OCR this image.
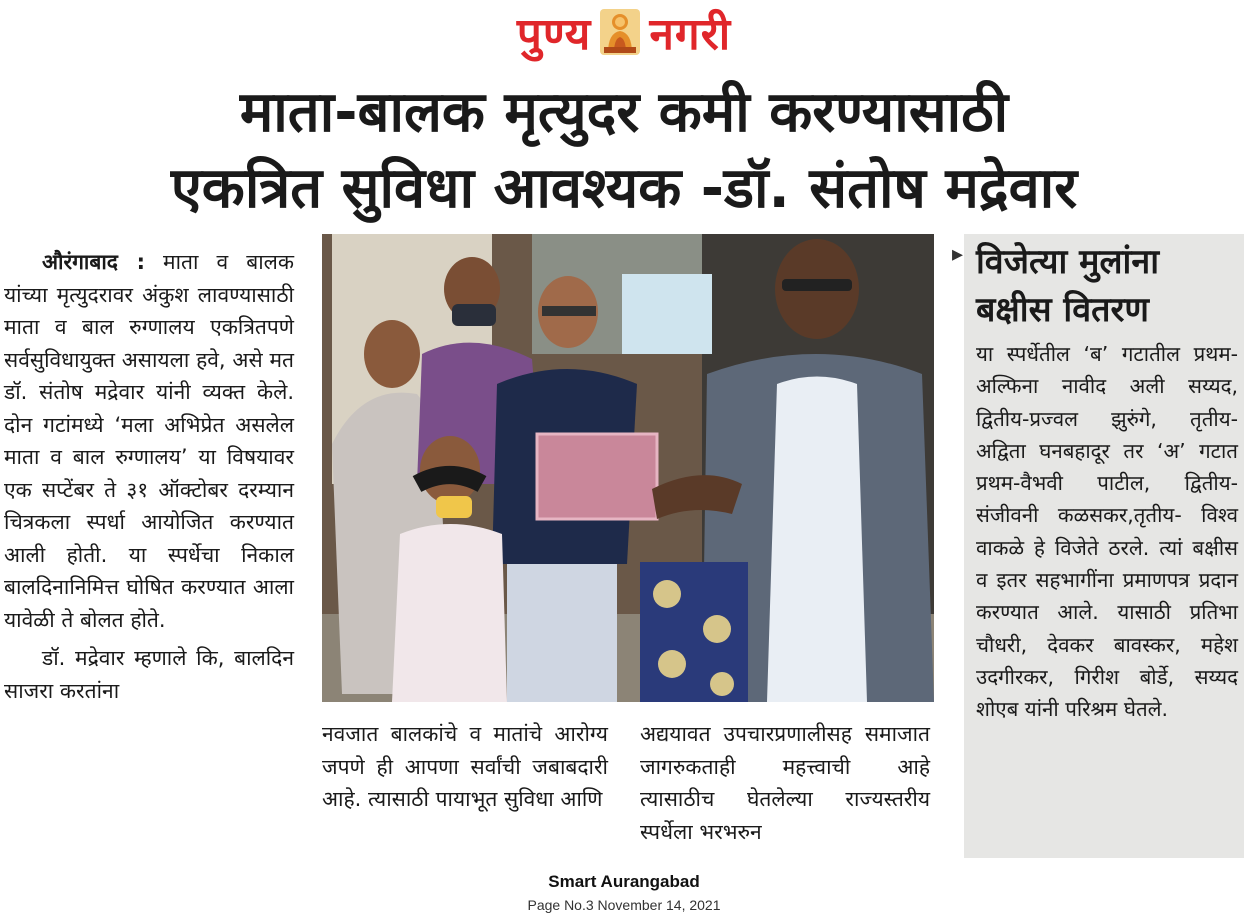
पुण्य नगरी
माता-बालक मृत्युदर कमी करण्यासाठी
एकत्रित सुविधा आवश्यक -डॉ. संतोष मद्रेवार

औरंगाबाद : माता व बालक यांच्या मृत्युदरावर अंकुश लावण्यासाठी माता व बाल रुग्णालय एकत्रितपणे सर्वसुविधायुक्त असायला हवे, असे मत डॉ. संतोष मद्रेवार यांनी व्यक्त केले. दोन गटांमध्ये ‘मला अभिप्रेत असलेल माता व बाल रुग्णालय’ या विषयावर एक सप्टेंबर ते ३१ ऑक्टोबर दरम्यान चित्रकला स्पर्धा आयोजित करण्यात आली होती. या स्पर्धेचा निकाल बालदिनानिमित्त घोषित करण्यात आला यावेळी ते बोलत होते.

डॉ. मद्रेवार म्हणाले कि, बालदिन साजरा करतांना

नवजात बालकांचे व मातांचे आरोग्य जपणे ही आपणा सर्वांची जबाबदारी आहे. त्यासाठी पायाभूत सुविधा आणि
अद्ययावत उपचारप्रणालीसह समाजात जागरुकताही महत्त्वाची आहे त्यासाठीच घेतलेल्या राज्यस्तरीय स्पर्धेला भरभरुन
▸ विजेत्या मुलांना बक्षीस वितरण
या स्पर्धेतील ‘ब’ गटातील प्रथम-अल्फिना नावीद अली सय्यद, द्वितीय-प्रज्वल झुरुंगे, तृतीय- अद्विता घनबहादूर तर ‘अ’ गटात प्रथम-वैभवी पाटील, द्वितीय-संजीवनी कळसकर,तृतीय- विश्व वाकळे हे विजेते ठरले. त्यांं बक्षीस व इतर सहभागींना प्रमाणपत्र प्रदान करण्यात आले. यासाठी प्रतिभा चौधरी, देवकर बावस्कर, महेश उदगीरकर, गिरीश बोर्डे, सय्यद शोएब यांनी परिश्रम घेतले.
Smart Aurangabad
Page No.3 November 14, 2021
